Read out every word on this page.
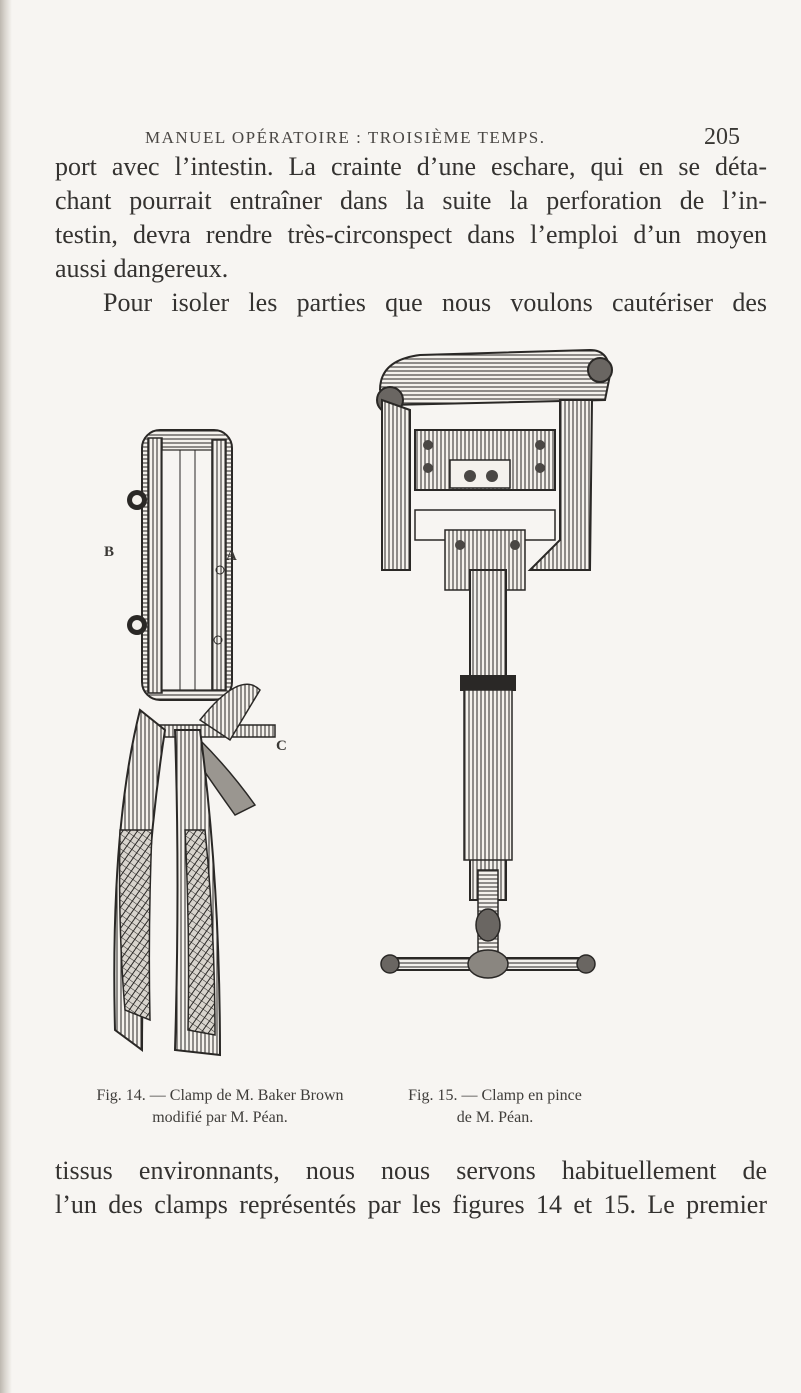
MANUEL OPÉRATOIRE : TROISIÈME TEMPS.	205
port avec l’intestin. La crainte d’une eschare, qui en se déta-
chant pourrait entraîner dans la suite la perforation de l’in-
testin, devra rendre très-circonspect dans l’emploi d’un moyen
aussi dangereux.
Pour isoler les parties que nous voulons cautériser des
B	A
C
Fig. 14. — Clamp de M. Baker Brown
modifié par M. Péan.
Fig. 15. — Clamp en pince
de M. Péan.
tissus environnants, nous nous servons habituellement de
l’un des clamps représentés par les figures 14 et 15. Le premier
